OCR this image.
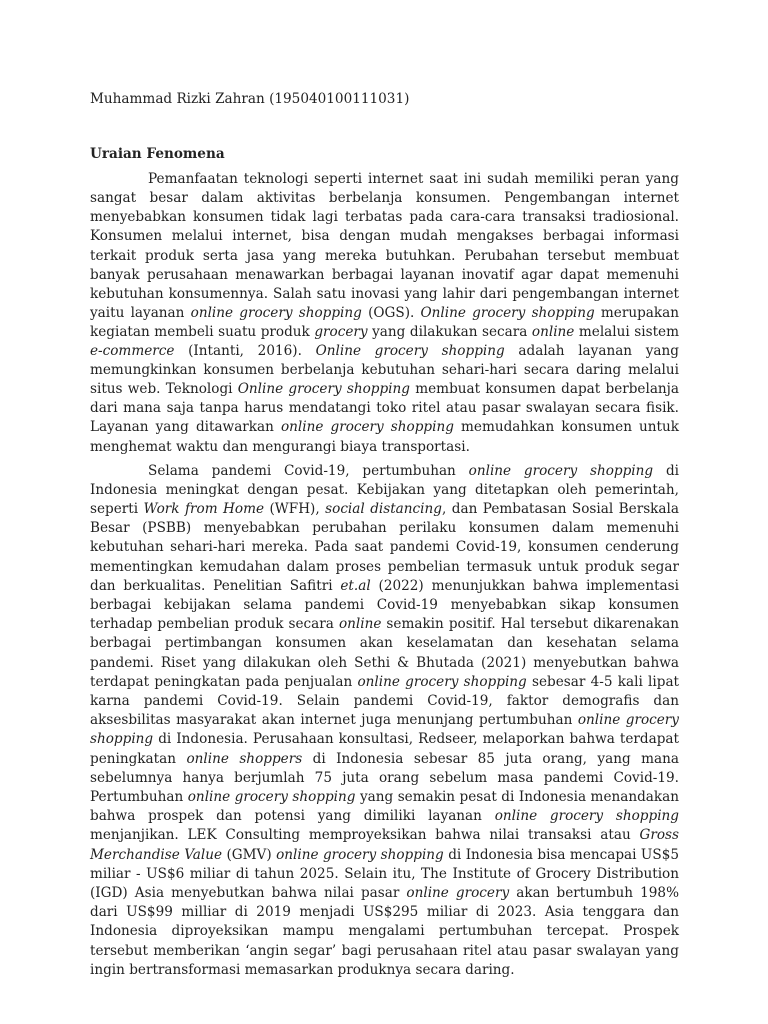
Muhammad Rizki Zahran (195040100111031)

Uraian Fenomena

Pemanfaatan teknologi seperti internet saat ini sudah memiliki peran yang sangat besar dalam aktivitas berbelanja konsumen. Pengembangan internet menyebabkan konsumen tidak lagi terbatas pada cara-cara transaksi tradiosional. Konsumen melalui internet, bisa dengan mudah mengakses berbagai informasi terkait produk serta jasa yang mereka butuhkan. Perubahan tersebut membuat banyak perusahaan menawarkan berbagai layanan inovatif agar dapat memenuhi kebutuhan konsumennya. Salah satu inovasi yang lahir dari pengembangan internet yaitu layanan online grocery shopping (OGS). Online grocery shopping merupakan kegiatan membeli suatu produk grocery yang dilakukan secara online melalui sistem e-commerce (Intanti, 2016). Online grocery shopping adalah layanan yang memungkinkan konsumen berbelanja kebutuhan sehari-hari secara daring melalui situs web. Teknologi Online grocery shopping membuat konsumen dapat berbelanja dari mana saja tanpa harus mendatangi toko ritel atau pasar swalayan secara fisik. Layanan yang ditawarkan online grocery shopping memudahkan konsumen untuk menghemat waktu dan mengurangi biaya transportasi.

Selama pandemi Covid-19, pertumbuhan online grocery shopping di Indonesia meningkat dengan pesat. Kebijakan yang ditetapkan oleh pemerintah, seperti Work from Home (WFH), social distancing, dan Pembatasan Sosial Berskala Besar (PSBB) menyebabkan perubahan perilaku konsumen dalam memenuhi kebutuhan sehari-hari mereka. Pada saat pandemi Covid-19, konsumen cenderung mementingkan kemudahan dalam proses pembelian termasuk untuk produk segar dan berkualitas. Penelitian Safitri et.al (2022) menunjukkan bahwa implementasi berbagai kebijakan selama pandemi Covid-19 menyebabkan sikap konsumen terhadap pembelian produk secara online semakin positif. Hal tersebut dikarenakan berbagai pertimbangan konsumen akan keselamatan dan kesehatan selama pandemi. Riset yang dilakukan oleh Sethi & Bhutada (2021) menyebutkan bahwa terdapat peningkatan pada penjualan online grocery shopping sebesar 4-5 kali lipat karna pandemi Covid-19. Selain pandemi Covid-19, faktor demografis dan aksesbilitas masyarakat akan internet juga menunjang pertumbuhan online grocery shopping di Indonesia. Perusahaan konsultasi, Redseer, melaporkan bahwa terdapat peningkatan online shoppers di Indonesia sebesar 85 juta orang, yang mana sebelumnya hanya berjumlah 75 juta orang sebelum masa pandemi Covid-19. Pertumbuhan online grocery shopping yang semakin pesat di Indonesia menandakan bahwa prospek dan potensi yang dimiliki layanan online grocery shopping menjanjikan. LEK Consulting memproyeksikan bahwa nilai transaksi atau Gross Merchandise Value (GMV) online grocery shopping di Indonesia bisa mencapai US$5 miliar - US$6 miliar di tahun 2025. Selain itu, The Institute of Grocery Distribution (IGD) Asia menyebutkan bahwa nilai pasar online grocery akan bertumbuh 198% dari US$99 milliar di 2019 menjadi US$295 miliar di 2023. Asia tenggara dan Indonesia diproyeksikan mampu mengalami pertumbuhan tercepat. Prospek tersebut memberikan ‘angin segar’ bagi perusahaan ritel atau pasar swalayan yang ingin bertransformasi memasarkan produknya secara daring.
